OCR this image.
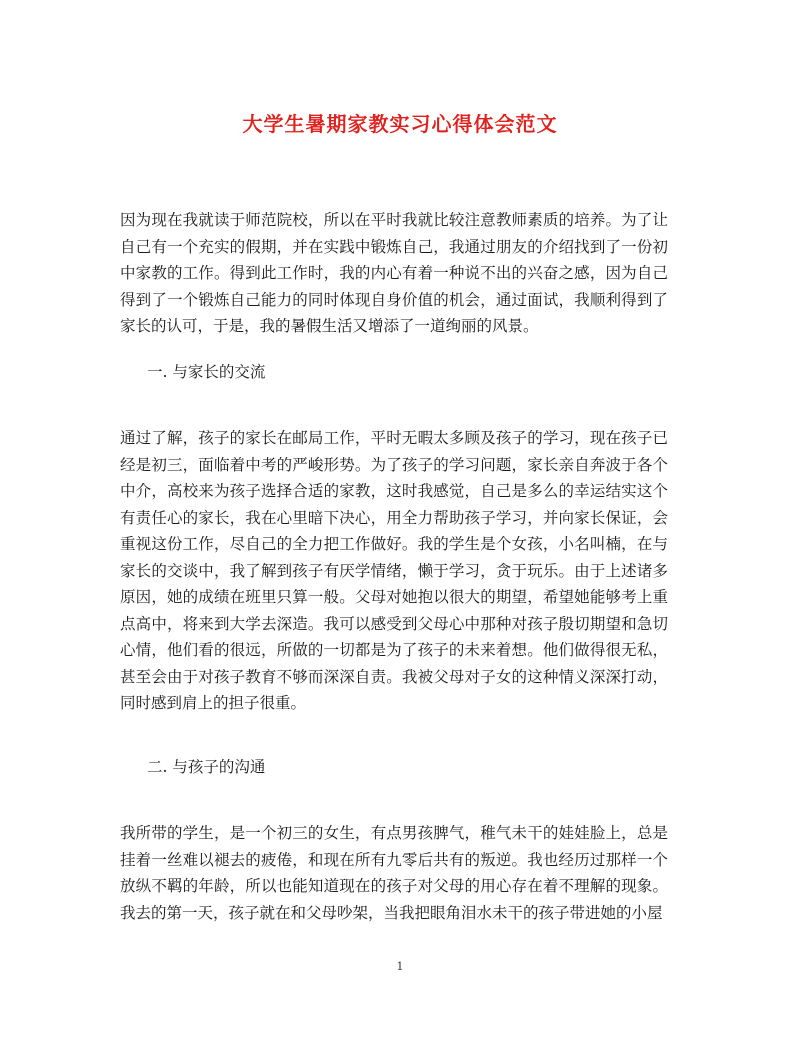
大学生暑期家教实习心得体会范文
因为现在我就读于师范院校，所以在平时我就比较注意教师素质的培养。为了让自己有一个充实的假期，并在实践中锻炼自己，我通过朋友的介绍找到了一份初中家教的工作。得到此工作时，我的内心有着一种说不出的兴奋之感，因为自己得到了一个锻炼自己能力的同时体现自身价值的机会，通过面试，我顺利得到了家长的认可，于是，我的暑假生活又增添了一道绚丽的风景。
一. 与家长的交流
通过了解，孩子的家长在邮局工作，平时无暇太多顾及孩子的学习，现在孩子已经是初三，面临着中考的严峻形势。为了孩子的学习问题，家长亲自奔波于各个中介，高校来为孩子选择合适的家教，这时我感觉，自己是多么的幸运结实这个有责任心的家长，我在心里暗下决心，用全力帮助孩子学习，并向家长保证，会重视这份工作，尽自己的全力把工作做好。我的学生是个女孩，小名叫楠，在与家长的交谈中，我了解到孩子有厌学情绪，懒于学习，贪于玩乐。由于上述诸多原因，她的成绩在班里只算一般。父母对她抱以很大的期望，希望她能够考上重点高中，将来到大学去深造。我可以感受到父母心中那种对孩子殷切期望和急切心情，他们看的很远，所做的一切都是为了孩子的未来着想。他们做得很无私，甚至会由于对孩子教育不够而深深自责。我被父母对子女的这种情义深深打动，同时感到肩上的担子很重。
二. 与孩子的沟通
我所带的学生，是一个初三的女生，有点男孩脾气，稚气未干的娃娃脸上，总是挂着一丝难以褪去的疲倦，和现在所有九零后共有的叛逆。我也经历过那样一个放纵不羁的年龄，所以也能知道现在的孩子对父母的用心存在着不理解的现象。我去的第一天，孩子就在和父母吵架，当我把眼角泪水未干的孩子带进她的小屋
1
